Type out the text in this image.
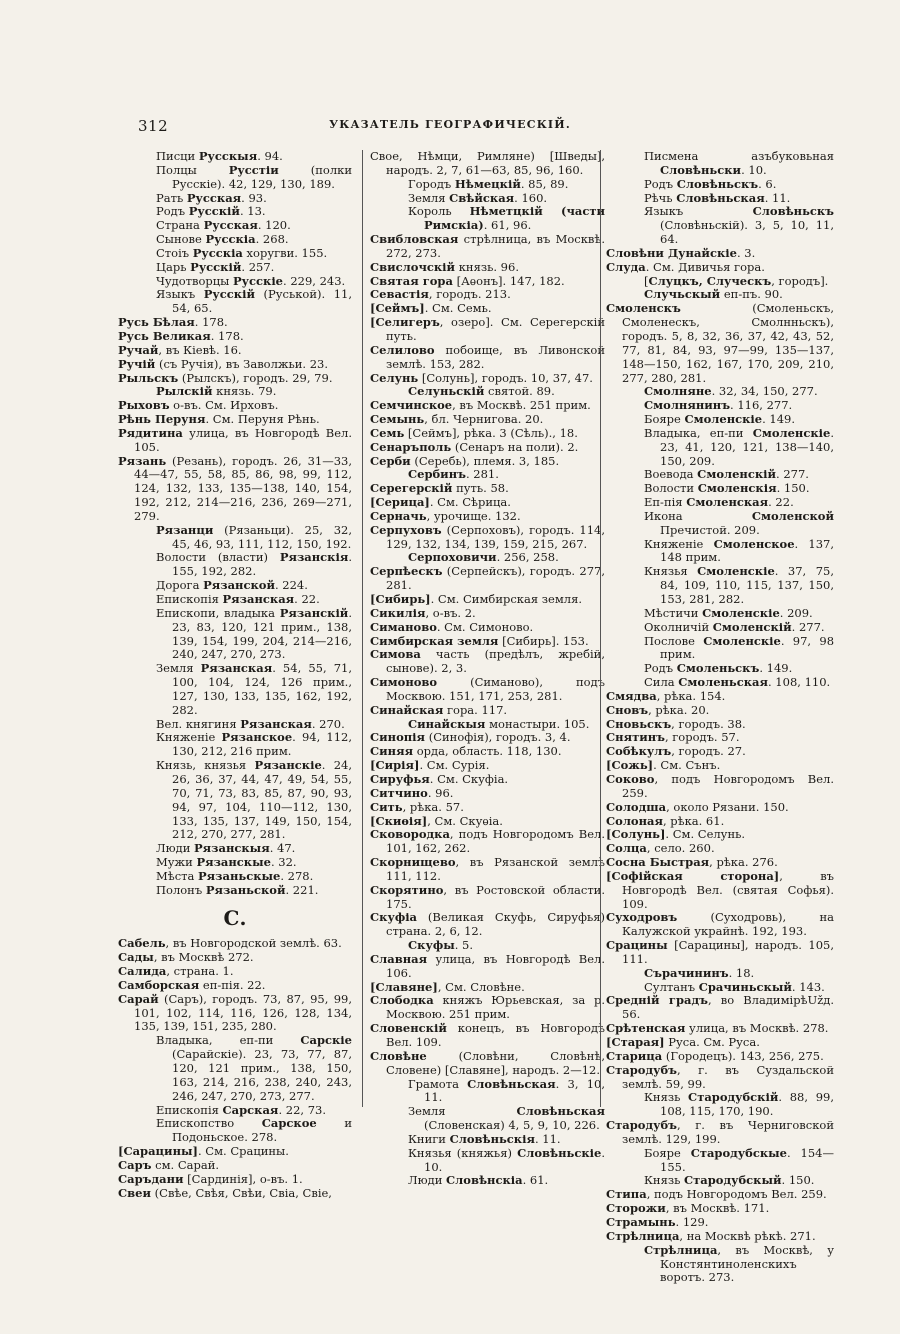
312	УКАЗАТЕЛЬ ГЕОГРАФИЧЕСКІЙ.
Писци Русскыя. 94.
Полцы Русстіи (полки Русскіе). 42, 129, 130, 189.
Рать Русская. 93.
Родъ Русскій. 13.
Страна Русская. 120.
Сынове Русскіа. 268.
Стоіъ Русскіа хоругви. 155.
Царь Русскій. 257.
Чудотворцы Русскіе. 229, 243.
Языкъ Русскій (Руськой). 11, 54, 65.
Русь Бѣлая. 178.
Русь Великая. 178.
Ручай, въ Кіевѣ. 16.
Ручій (съ Ручія), въ Заволжьи. 23.
Рыльскъ (Рылскъ), городъ. 29, 79.
Рылскій князь. 79.
Рыховъ о-въ. См. Ирховъ.
Рѣнь Перуня. См. Перуня Рѣнь.
Рядитина улица, въ Новгородѣ Вел. 105.
Рязань (Резань), городъ. 26, 31—33, 44—47, 55, 58, 85, 86, 98, 99, 112, 124, 132, 133, 135—138, 140, 154, 192, 212, 214—216, 236, 269—271, 279.
Рязанци (Рязаньци). 25, 32, 45, 46, 93, 111, 112, 150, 192.
Волости (власти) Рязанскія. 155, 192, 282.
Дорога Рязанской. 224.
Епископія Рязанская. 22.
Епископи, владыка Рязанскій. 23, 83, 120, 121 прим., 138, 139, 154, 199, 204, 214—216, 240, 247, 270, 273.
Земля Рязанская. 54, 55, 71, 100, 104, 124, 126 прим., 127, 130, 133, 135, 162, 192, 282.
Вел. княгиня Рязанская. 270.
Княженіе Рязанское. 94, 112, 130, 212, 216 прим.
Князь, князья Рязанскіе. 24, 26, 36, 37, 44, 47, 49, 54, 55, 70, 71, 73, 83, 85, 87, 90, 93, 94, 97, 104, 110—112, 130, 133, 135, 137, 149, 150, 154, 212, 270, 277, 281.
Люди Рязанскыя. 47.
Мужи Рязанскые. 32.
Мѣста Рязаньскые. 278.
Полонъ Рязаньской. 221.
С.
Сабель, въ Новгородской землѣ. 63.
Сады, въ Москвѣ 272.
Салида, страна. 1.
Самборская еп-пія. 22.
Сарай (Саръ), городъ. 73, 87, 95, 99, 101, 102, 114, 116, 126, 128, 134, 135, 139, 151, 235, 280.
Владыка, еп-пи Сарскіе (Сарайскіе). 23, 73, 77, 87, 120, 121 прим., 138, 150, 163, 214, 216, 238, 240, 243, 246, 247, 270, 273, 277.
Епископія Сарская. 22, 73.
Епископство Сарское и Подоньское. 278.
[Сарацины]. См. Срацины.
Саръ см. Сарай.
Саръдани [Сардинія], о-въ. 1.
Свеи (Свѣе, Свѣя, Свѣи, Свіа, Свіе,
Свое, Нѣмци, Римляне) [Шведы], народъ. 2, 7, 61—63, 85, 96, 160.
Городъ Нѣмецкій. 85, 89.
Земля Свѣйская. 160.
Король Нѣметцкій (части Римскіа). 61, 96.
Свибловская стрѣлница, въ Москвѣ. 272, 273.
Свислочскій князь. 96.
Святая гора [Аѳонъ]. 147, 182.
Севастія, городъ. 213.
[Сеймъ]. См. Семь.
[Селигеръ, озеро]. См. Серегерскій путь.
Селилово побоище, въ Ливонской землѣ. 153, 282.
Селунь [Солунь], городъ. 10, 37, 47.
Селуньскій святой. 89.
Семчинское, въ Москвѣ. 251 прим.
Семынь, бл. Чернигова. 20.
Семь [Сеймъ], рѣка. 3 (Сѣль)., 18.
Сенаръполь (Сенаръ на поли). 2.
Серби (Серебь), племя. 3, 185.
Сербинъ. 281.
Серегерскій путь. 58.
[Серица]. См. Сѣрица.
Серначь, урочище. 132.
Серпуховъ (Серпоховъ), городъ. 114, 129, 132, 134, 139, 159, 215, 267.
Серпоховичи. 256, 258.
Серпѣескъ (Серпейскъ), городъ. 277, 281.
[Сибирь]. См. Симбирская земля.
Сикилія, о-въ. 2.
Симаново. См. Симоново.
Симбирская земля [Сибирь]. 153.
Симова часть (предѣлъ, жребій, сынове). 2, 3.
Симоново (Симаново), подъ Москвою. 151, 171, 253, 281.
Синайская гора. 117.
Синайскыя монастыри. 105.
Синопія (Синофія), городъ. 3, 4.
Синяя орда, область. 118, 130.
[Сирія]. См. Сурія.
Сируфья. См. Скуфіа.
Ситчино. 96.
Сить, рѣка. 57.
[Скиѳія], См. Скуѳіа.
Сковородка, подъ Новгородомъ Вел. 101, 162, 262.
Скорнищево, въ Рязанской землѣ 111, 112.
Скорятино, въ Ростовской области. 175.
Скуфіа (Великая Скуфь, Сируфья) страна. 2, 6, 12.
Скуфы. 5.
Славная улица, въ Новгородѣ Вел. 106.
[Славяне], См. Словѣне.
Слободка княжъ Юрьевская, за р. Москвою. 251 прим.
Словенскій конецъ, въ Новгородѣ Вел. 109.
Словѣне (Словѣни, Словѣнѣ, Словене) [Славяне], народъ. 2—12.
Грамота Словѣньская. 3, 10, 11.
Земля Словѣньская (Словенская) 4, 5, 9, 10, 226.
Книги Словѣньскія. 11.
Князья (княжья) Словѣньскіе. 10.
Люди Словѣнскіа. 61.
Писмена азъбуковьная Словѣньски. 10.
Родъ Словѣньскъ. 6.
Рѣчь Словѣньская. 11.
Языкъ Словѣньскъ (Словѣньскій). 3, 5, 10, 11, 64.
Словѣни Дунайскіе. 3.
Слуда. См. Дивичья гора.
[Слуцкъ, Случескъ, городъ].
Случьскый еп-пъ. 90.
Смоленскъ (Смоленьскъ, Смоленескъ, Смолнньскъ), городъ. 5, 8, 32, 36, 37, 42, 43, 52, 77, 81, 84, 93, 97—99, 135—137, 148—150, 162, 167, 170, 209, 210, 277, 280, 281.
Смолняне. 32, 34, 150, 277.
Смолнянинъ. 116, 277.
Бояре Смоленскіе. 149.
Владыка, еп-пи Смоленскіе. 23, 41, 120, 121, 138—140, 150, 209.
Воевода Смоленскій. 277.
Волости Смоленскія. 150.
Еп-пія Смоленская. 22.
Икона Смоленской Пречистой. 209.
Княженіе Смоленское. 137, 148 прим.
Князья Смоленскіе. 37, 75, 84, 109, 110, 115, 137, 150, 153, 281, 282.
Мѣстичи Смоленскіе. 209.
Околничій Смоленскій. 277.
Послове Смоленскіе. 97, 98 прим.
Родъ Смоленьскъ. 149.
Сила Смоленьская. 108, 110.
Смядва, рѣка. 154.
Сновъ, рѣка. 20.
Сновьскъ, городъ. 38.
Снятинъ, городъ. 57.
Собѣкулъ, городъ. 27.
[Сожь]. См. Сънъ.
Соково, подъ Новгородомъ Вел. 259.
Солодша, около Рязани. 150.
Солоная, рѣка. 61.
[Солунь]. См. Селунь.
Солца, село. 260.
Сосна Быстрая, рѣка. 276.
[Софійская сторона], въ Новгородѣ Вел. (святая Софья). 109.
Суходровъ (Суходровь), на Калужской украйнѣ. 192, 193.
Срацины [Сарацины], народъ. 105, 111.
Сърачининъ. 18.
Султанъ Срачиньскый. 143.
Средній градъ, во ВладимірѣUžд. 56.
Срѣтенская улица, въ Москвѣ. 278.
[Старая] Руса. См. Руса.
Старица (Городецъ). 143, 256, 275.
Стародубъ, г. въ Суздальской землѣ. 59, 99.
Князь Стародубскій. 88, 99, 108, 115, 170, 190.
Стародубъ, г. въ Черниговской землѣ. 129, 199.
Бояре Стародубскые. 154—155.
Князь Стародубскый. 150.
Стипа, подъ Новгородомъ Вел. 259.
Сторожи, въ Москвѣ. 171.
Страмынь. 129.
Стрѣлница, на Москвѣ рѣкѣ. 271.
Стрѣлница, въ Москвѣ, у Констянтиноленскихъ воротъ. 273.
